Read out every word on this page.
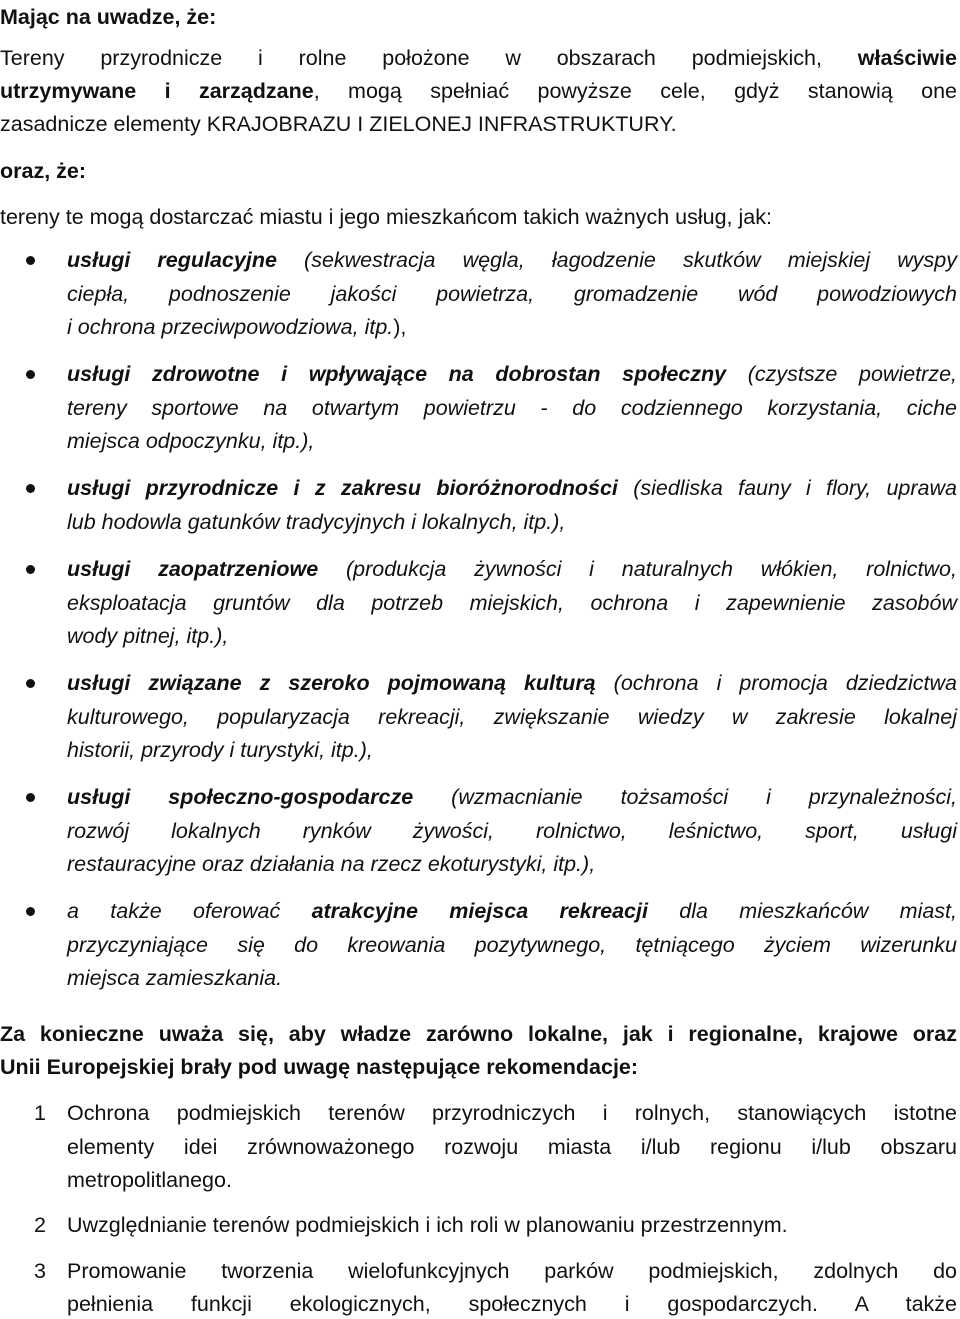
Mając na uwadze, że:

Tereny przyrodnicze i rolne położone w obszarach podmiejskich, właściwie

utrzymywane i zarządzane, mogą spełniać powyższe cele, gdyż stanowią one

zasadnicze elementy KRAJOBRAZU I ZIELONEJ INFRASTRUKTURY.

oraz, że:

tereny te mogą dostarczać miastu i jego mieszkańcom takich ważnych usług, jak:

usługi regulacyjne (sekwestracja węgla, łagodzenie skutków miejskiej wyspy

ciepła, podnoszenie jakości powietrza, gromadzenie wód powodziowych

i ochrona przeciwpowodziowa, itp.),

usługi zdrowotne i wpływające na dobrostan społeczny (czystsze powietrze,

tereny sportowe na otwartym powietrzu - do codziennego korzystania, ciche

miejsca odpoczynku, itp.),

usługi przyrodnicze i z zakresu bioróżnorodności (siedliska fauny i flory, uprawa

lub hodowla gatunków tradycyjnych i lokalnych, itp.),

usługi zaopatrzeniowe (produkcja żywności i naturalnych włókien, rolnictwo,

eksploatacja gruntów dla potrzeb miejskich, ochrona i zapewnienie zasobów

wody pitnej, itp.),

usługi związane z szeroko pojmowaną kulturą (ochrona i promocja dziedzictwa

kulturowego, popularyzacja rekreacji, zwiększanie wiedzy w zakresie lokalnej

historii, przyrody i turystyki, itp.),

usługi społeczno-gospodarcze (wzmacnianie tożsamości i przynależności,

rozwój lokalnych rynków żywości, rolnictwo, leśnictwo, sport, usługi

restauracyjne oraz działania na rzecz ekoturystyki, itp.),

a także oferować atrakcyjne miejsca rekreacji dla mieszkańców miast,

przyczyniające się do kreowania pozytywnego, tętniącego życiem wizerunku

miejsca zamieszkania.

Za konieczne uważa się, aby władze zarówno lokalne, jak i regionalne, krajowe oraz

Unii Europejskiej brały pod uwagę następujące rekomendacje:

1 Ochrona podmiejskich terenów przyrodniczych i rolnych, stanowiących istotne

elementy idei zrównoważonego rozwoju miasta i/lub regionu i/lub obszaru

metropolitlanego.

2 Uwzględnianie terenów podmiejskich i ich roli w planowaniu przestrzennym.

3 Promowanie tworzenia wielofunkcyjnych parków podmiejskich, zdolnych do

pełnienia funkcji ekologicznych, społecznych i gospodarczych. A także
